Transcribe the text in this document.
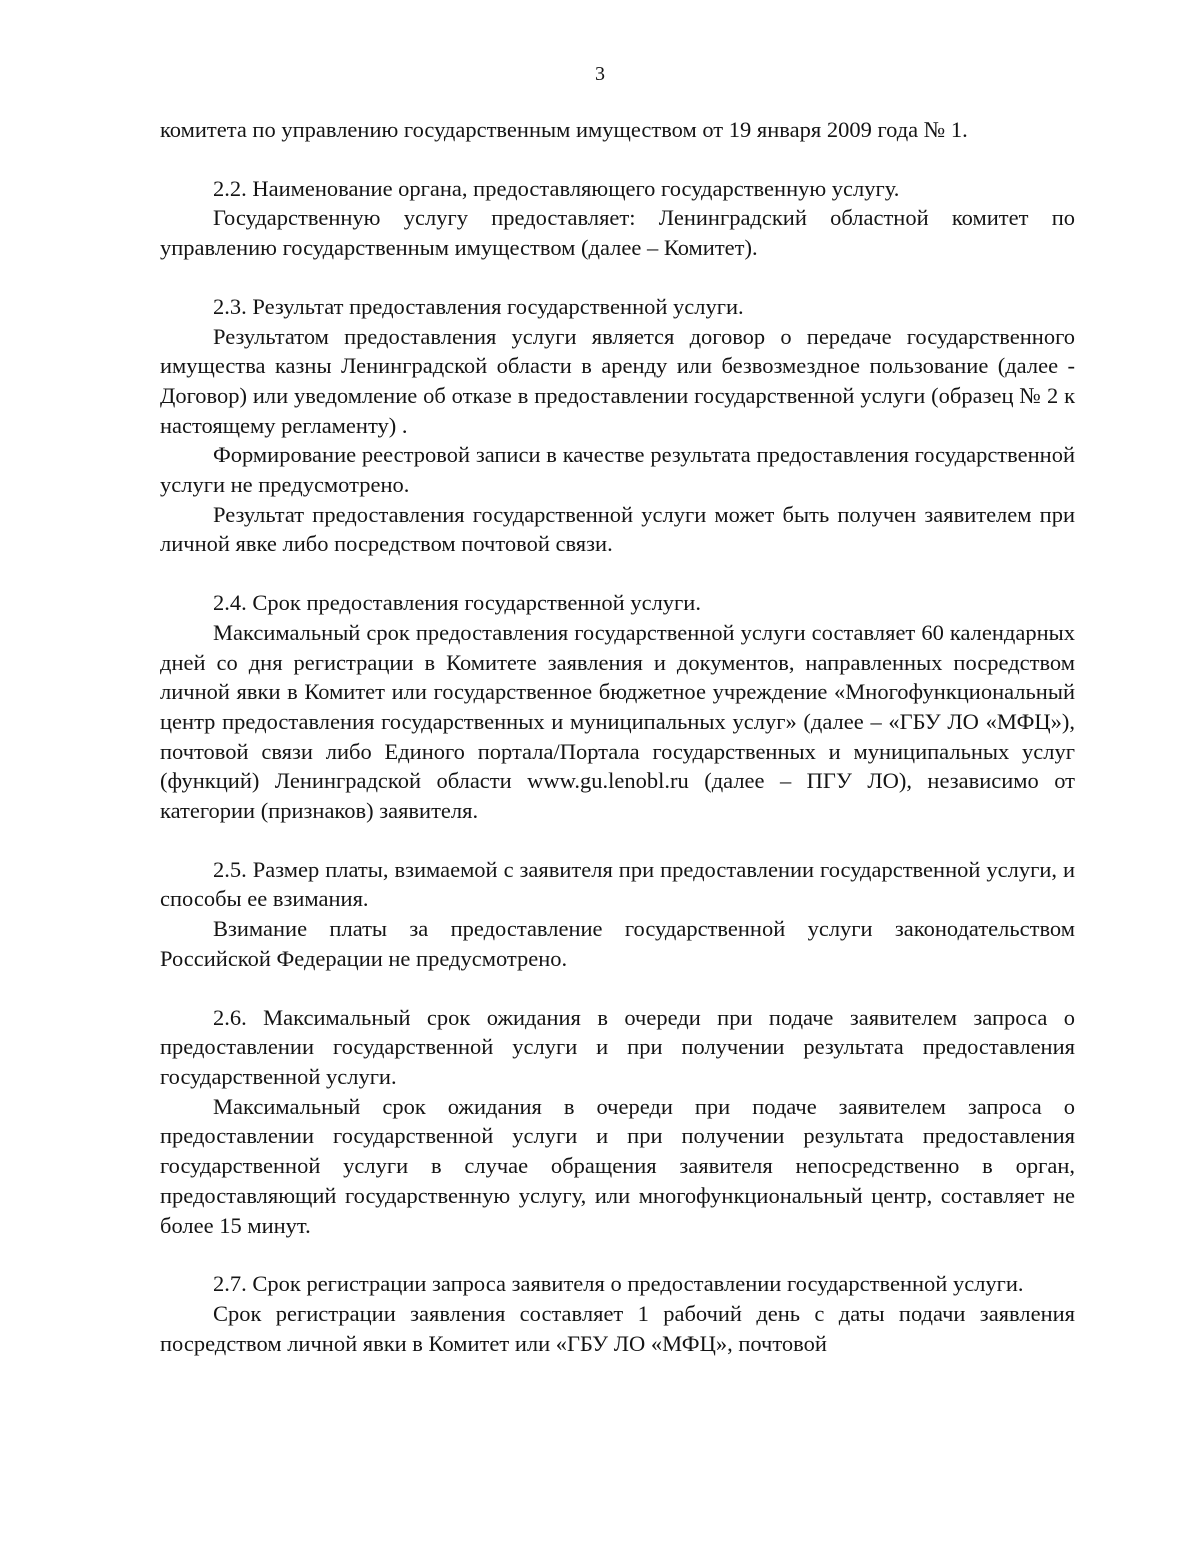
3

комитета по управлению государственным имуществом от 19 января 2009 года № 1.

2.2. Наименование органа, предоставляющего государственную услугу.

Государственную услугу предоставляет: Ленинградский областной комитет по управлению государственным имуществом (далее – Комитет).

2.3. Результат предоставления государственной услуги.

Результатом предоставления услуги является договор о передаче государственного имущества казны Ленинградской области в аренду или безвозмездное пользование (далее - Договор) или уведомление об отказе в предоставлении государственной услуги (образец № 2 к настоящему регламенту) .

Формирование реестровой записи в качестве результата предоставления государственной услуги не предусмотрено.

Результат предоставления государственной услуги может быть получен заявителем при личной явке либо посредством почтовой связи.

2.4. Срок предоставления государственной услуги.

Максимальный срок предоставления государственной услуги составляет 60 календарных дней со дня регистрации в Комитете заявления и документов, направленных посредством личной явки в Комитет или государственное бюджетное учреждение «Многофункциональный центр предоставления государственных и муниципальных услуг» (далее – «ГБУ ЛО «МФЦ»), почтовой связи либо Единого портала/Портала государственных и муниципальных услуг (функций) Ленинградской области www.gu.lenobl.ru (далее – ПГУ ЛО), независимо от категории (признаков) заявителя.

2.5. Размер платы, взимаемой с заявителя при предоставлении государственной услуги, и способы ее взимания.

Взимание платы за предоставление государственной услуги законодательством Российской Федерации не предусмотрено.

2.6. Максимальный срок ожидания в очереди при подаче заявителем запроса о предоставлении государственной услуги и при получении результата предоставления государственной услуги.

Максимальный срок ожидания в очереди при подаче заявителем запроса о предоставлении государственной услуги и при получении результата предоставления государственной услуги в случае обращения заявителя непосредственно в орган, предоставляющий государственную услугу, или многофункциональный центр, составляет не более 15 минут.

2.7. Срок регистрации запроса заявителя о предоставлении государственной услуги.

Срок регистрации заявления составляет 1 рабочий день с даты подачи заявления посредством личной явки в Комитет или «ГБУ ЛО «МФЦ», почтовой
